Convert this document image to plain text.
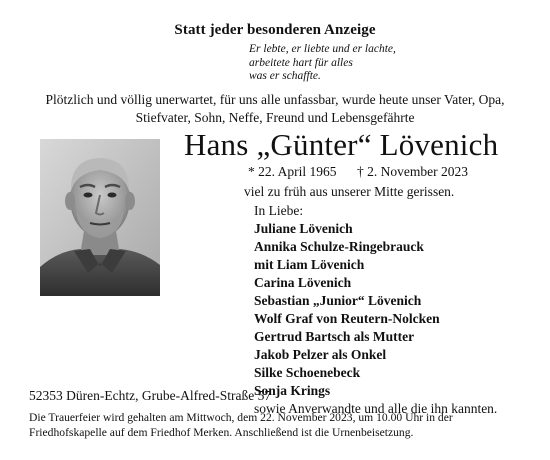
Statt jeder besonderen Anzeige
Er lebte, er liebte und er lachte,
arbeitete hart für alles
was er schaffte.
Plötzlich und völlig unerwartet, für uns alle unfassbar, wurde heute unser Vater, Opa,
Stiefvater, Sohn, Neffe, Freund und Lebensgefährte
Hans „Günter“ Lövenich
* 22. April 1965 † 2. November 2023
viel zu früh aus unserer Mitte gerissen.
In Liebe:
Juliane Lövenich
Annika Schulze-Ringebrauck
mit Liam Lövenich
Carina Lövenich
Sebastian „Junior“ Lövenich
Wolf Graf von Reutern-Nolcken
Gertrud Bartsch als Mutter
Jakob Pelzer als Onkel
Silke Schoenebeck
Sonja Krings
sowie Anverwandte und alle die ihn kannten.
52353 Düren-Echtz, Grube-Alfred-Straße 57
Die Trauerfeier wird gehalten am Mittwoch, dem 22. November 2023, um 10.00 Uhr in der
Friedhofskapelle auf dem Friedhof Merken. Anschließend ist die Urnenbeisetzung.
